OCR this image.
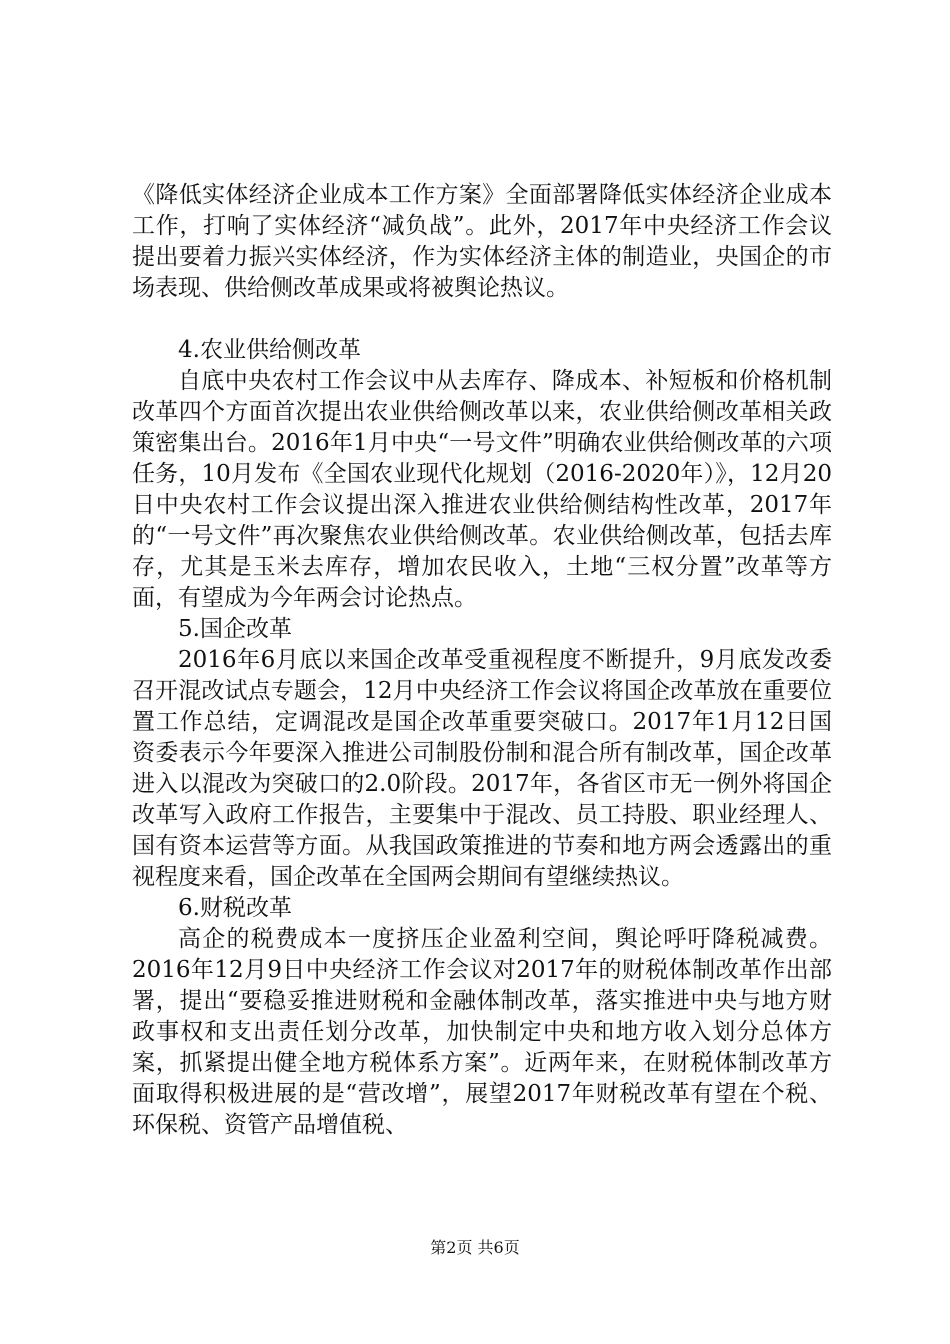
《降低实体经济企业成本工作方案》全面部署降低实体经济企业成本工作，打响了实体经济“减负战”。此外，2017年中央经济工作会议提出要着力振兴实体经济，作为实体经济主体的制造业，央国企的市场表现、供给侧改革成果或将被舆论热议。

4.农业供给侧改革

自底中央农村工作会议中从去库存、降成本、补短板和价格机制改革四个方面首次提出农业供给侧改革以来，农业供给侧改革相关政策密集出台。2016年1月中央“一号文件”明确农业供给侧改革的六项任务，10月发布《全国农业现代化规划（2016-2020年）》，12月20日中央农村工作会议提出深入推进农业供给侧结构性改革，2017年的“一号文件”再次聚焦农业供给侧改革。农业供给侧改革，包括去库存，尤其是玉米去库存，增加农民收入，土地“三权分置”改革等方面，有望成为今年两会讨论热点。

5.国企改革

2016年6月底以来国企改革受重视程度不断提升，9月底发改委召开混改试点专题会，12月中央经济工作会议将国企改革放在重要位置工作总结，定调混改是国企改革重要突破口。2017年1月12日国资委表示今年要深入推进公司制股份制和混合所有制改革，国企改革进入以混改为突破口的2.0阶段。2017年，各省区市无一例外将国企改革写入政府工作报告，主要集中于混改、员工持股、职业经理人、国有资本运营等方面。从我国政策推进的节奏和地方两会透露出的重视程度来看，国企改革在全国两会期间有望继续热议。

6.财税改革

高企的税费成本一度挤压企业盈利空间，舆论呼吁降税减费。2016年12月9日中央经济工作会议对2017年的财税体制改革作出部署，提出“要稳妥推进财税和金融体制改革，落实推进中央与地方财政事权和支出责任划分改革，加快制定中央和地方收入划分总体方案，抓紧提出健全地方税体系方案”。近两年来，在财税体制改革方面取得积极进展的是“营改增”，展望2017年财税改革有望在个税、环保税、资管产品增值税、

第2页 共6页
